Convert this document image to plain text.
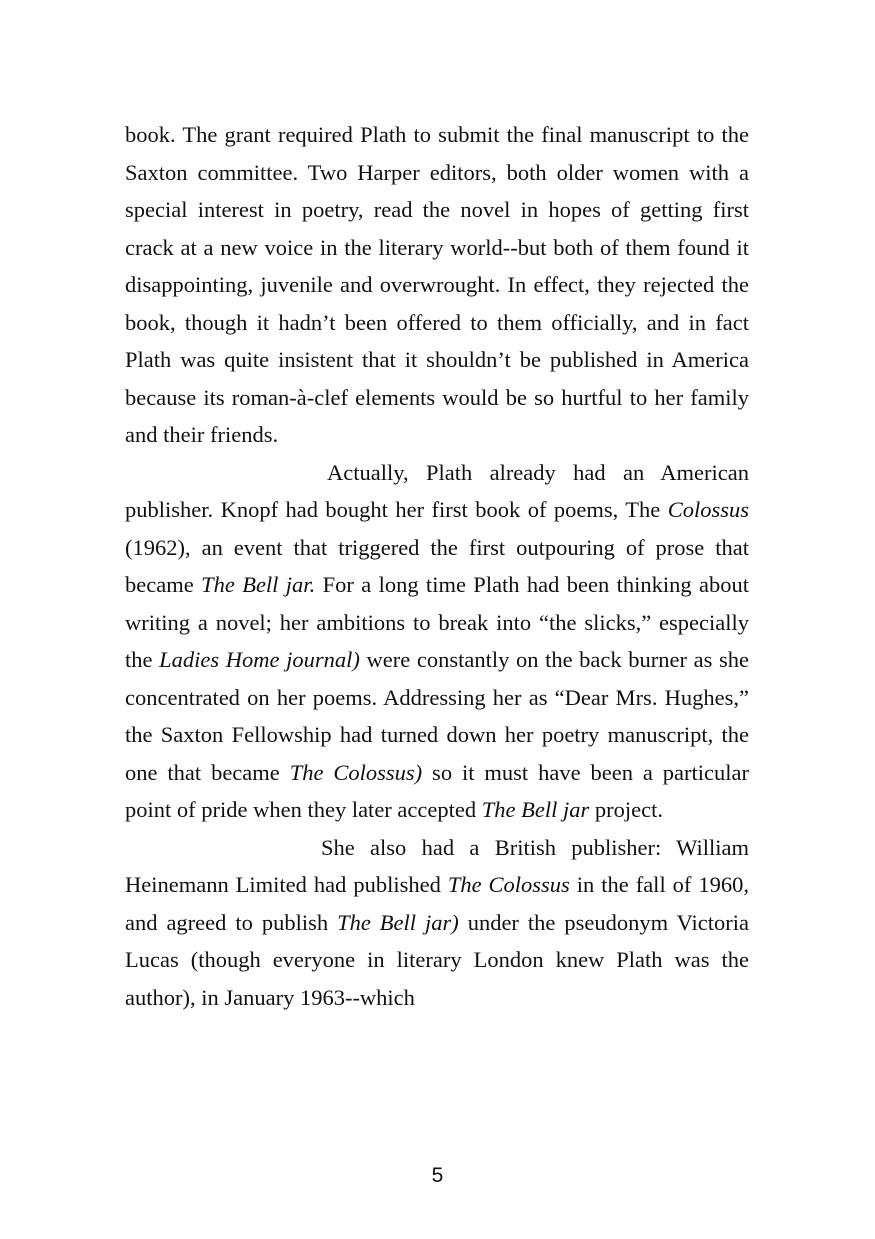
book. The grant required Plath to submit the final manuscript to the Saxton committee. Two Harper editors, both older women with a special interest in poetry, read the novel in hopes of getting first crack at a new voice in the literary world--but both of them found it disappointing, juvenile and overwrought. In effect, they rejected the book, though it hadn’t been offered to them officially, and in fact Plath was quite insistent that it shouldn’t be published in America because its roman-à-clef elements would be so hurtful to her family and their friends.

Actually, Plath already had an American publisher. Knopf had bought her first book of poems, The Colossus (1962), an event that triggered the first outpouring of prose that became The Bell jar. For a long time Plath had been thinking about writing a novel; her ambitions to break into “the slicks,” especially the Ladies Home journal) were constantly on the back burner as she concentrated on her poems. Addressing her as “Dear Mrs. Hughes,” the Saxton Fellowship had turned down her poetry manuscript, the one that became The Colossus) so it must have been a particular point of pride when they later accepted The Bell jar project.

She also had a British publisher: William Heinemann Limited had published The Colossus in the fall of 1960, and agreed to publish The Bell jar) under the pseudonym Victoria Lucas (though everyone in literary London knew Plath was the author), in January 1963--which

5
